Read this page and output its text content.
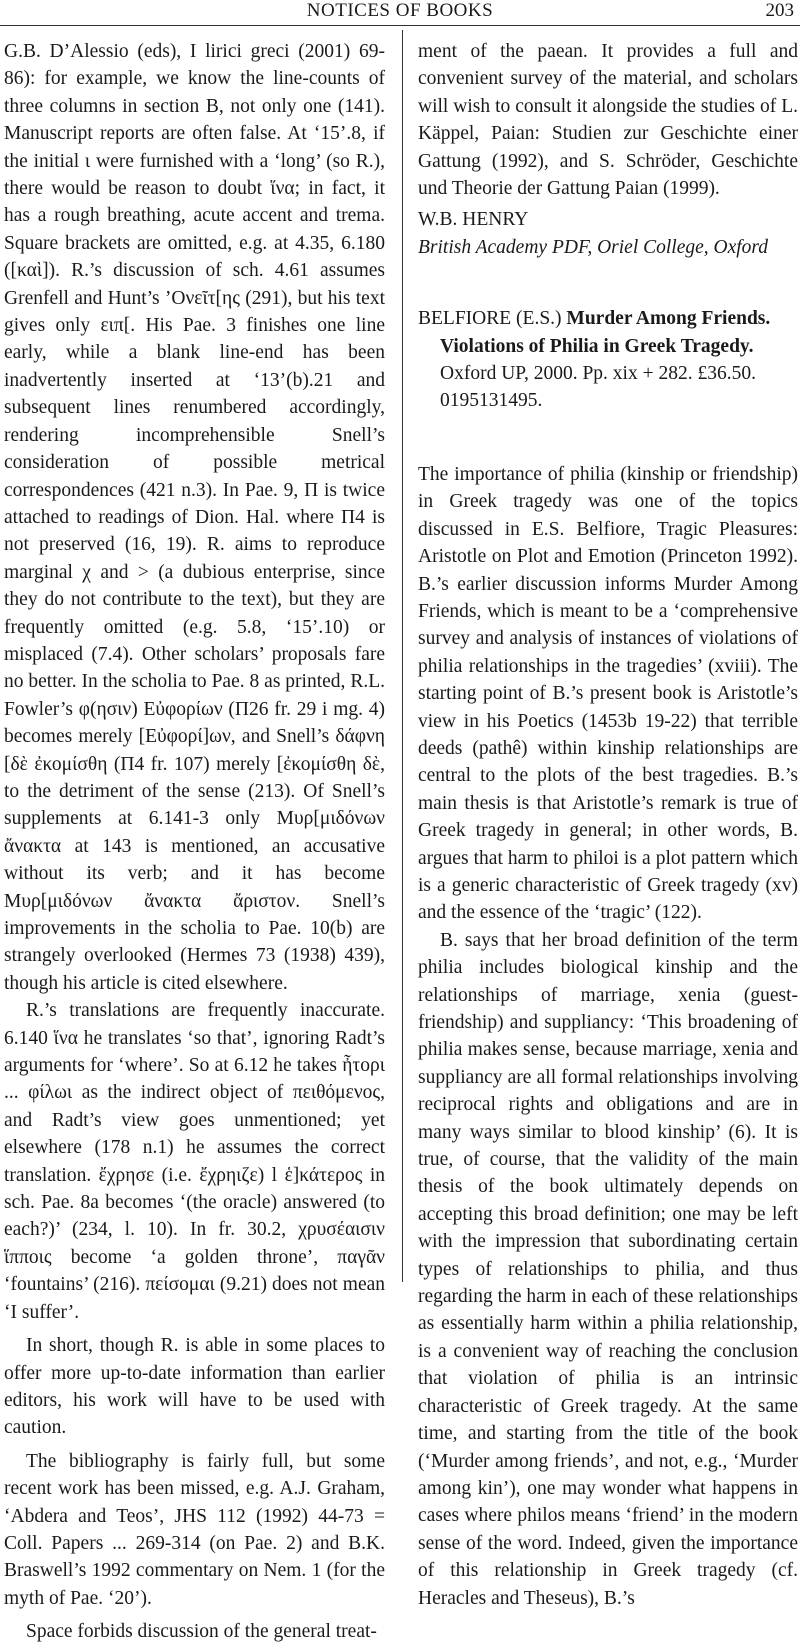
NOTICES OF BOOKS	203

G.B. D’Alessio (eds), I lirici greci (2001) 69-86): for example, we know the line-counts of three columns in section B, not only one (141). Manuscript reports are often false. At ‘15’.8, if the initial ι were furnished with a ‘long’ (so R.), there would be reason to doubt ἵνα; in fact, it has a rough breathing, acute accent and trema. Square brackets are omitted, e.g. at 4.35, 6.180 ([καὶ]). R.’s discussion of sch. 4.61 assumes Grenfell and Hunt’s ’Ονεῖτ[ης (291), but his text gives only ειπ[. His Pae. 3 finishes one line early, while a blank line-end has been inadvertently inserted at ‘13’(b).21 and subsequent lines renumbered accordingly, rendering incomprehensible Snell’s consideration of possible metrical correspondences (421 n.3). In Pae. 9, Π is twice attached to readings of Dion. Hal. where Π4 is not preserved (16, 19). R. aims to reproduce marginal χ and > (a dubious enterprise, since they do not contribute to the text), but they are frequently omitted (e.g. 5.8, ‘15’.10) or misplaced (7.4). Other scholars’ proposals fare no better. In the scholia to Pae. 8 as printed, R.L. Fowler’s φ(ησιν) Εὐφορίων (Π26 fr. 29 i mg. 4) becomes merely [Εὐφορί]ων, and Snell’s δάφνη [δὲ ἐκομίσθη (Π4 fr. 107) merely [ἐκομίσθη δὲ, to the detriment of the sense (213). Of Snell’s supplements at 6.141-3 only Μυρ[μιδόνων ἄνακτα at 143 is mentioned, an accusative without its verb; and it has become Μυρ[μιδόνων ἄνακτα ἄριστον. Snell’s improvements in the scholia to Pae. 10(b) are strangely overlooked (Hermes 73 (1938) 439), though his article is cited elsewhere.

R.’s translations are frequently inaccurate. 6.140 ἵνα he translates ‘so that’, ignoring Radt’s arguments for ‘where’. So at 6.12 he takes ἦτορι ... φίλωι as the indirect object of πειθόμενος, and Radt’s view goes unmentioned; yet elsewhere (178 n.1) he assumes the correct translation. ἔχρησε (i.e. ἔχρηιζε) l ἑ]κάτερος in sch. Pae. 8a becomes ‘(the oracle) answered (to each?)’ (234, l. 10). In fr. 30.2, χρυσέαισιν ἵπποις become ‘a golden throne’, παγᾶν ‘fountains’ (216). πείσομαι (9.21) does not mean ‘I suffer’.

In short, though R. is able in some places to offer more up-to-date information than earlier editors, his work will have to be used with caution.

The bibliography is fairly full, but some recent work has been missed, e.g. A.J. Graham, ‘Abdera and Teos’, JHS 112 (1992) 44-73 = Coll. Papers ... 269-314 (on Pae. 2) and B.K. Braswell’s 1992 commentary on Nem. 1 (for the myth of Pae. ‘20’).

Space forbids discussion of the general treat-

ment of the paean. It provides a full and convenient survey of the material, and scholars will wish to consult it alongside the studies of L. Käppel, Paian: Studien zur Geschichte einer Gattung (1992), and S. Schröder, Geschichte und Theorie der Gattung Paian (1999).

W.B. HENRY

British Academy PDF, Oriel College, Oxford

BELFIORE (E.S.) Murder Among Friends. Violations of Philia in Greek Tragedy. Oxford UP, 2000. Pp. xix + 282. £36.50. 0195131495.

The importance of philia (kinship or friendship) in Greek tragedy was one of the topics discussed in E.S. Belfiore, Tragic Pleasures: Aristotle on Plot and Emotion (Princeton 1992). B.’s earlier discussion informs Murder Among Friends, which is meant to be a ‘comprehensive survey and analysis of instances of violations of philia relationships in the tragedies’ (xviii). The starting point of B.’s present book is Aristotle’s view in his Poetics (1453b 19-22) that terrible deeds (pathê) within kinship relationships are central to the plots of the best tragedies. B.’s main thesis is that Aristotle’s remark is true of Greek tragedy in general; in other words, B. argues that harm to philoi is a plot pattern which is a generic characteristic of Greek tragedy (xv) and the essence of the ‘tragic’ (122).

B. says that her broad definition of the term philia includes biological kinship and the relationships of marriage, xenia (guest-friendship) and suppliancy: ‘This broadening of philia makes sense, because marriage, xenia and suppliancy are all formal relationships involving reciprocal rights and obligations and are in many ways similar to blood kinship’ (6). It is true, of course, that the validity of the main thesis of the book ultimately depends on accepting this broad definition; one may be left with the impression that subordinating certain types of relationships to philia, and thus regarding the harm in each of these relationships as essentially harm within a philia relationship, is a convenient way of reaching the conclusion that violation of philia is an intrinsic characteristic of Greek tragedy. At the same time, and starting from the title of the book (‘Murder among friends’, and not, e.g., ‘Murder among kin’), one may wonder what happens in cases where philos means ‘friend’ in the modern sense of the word. Indeed, given the importance of this relationship in Greek tragedy (cf. Heracles and Theseus), B.’s
